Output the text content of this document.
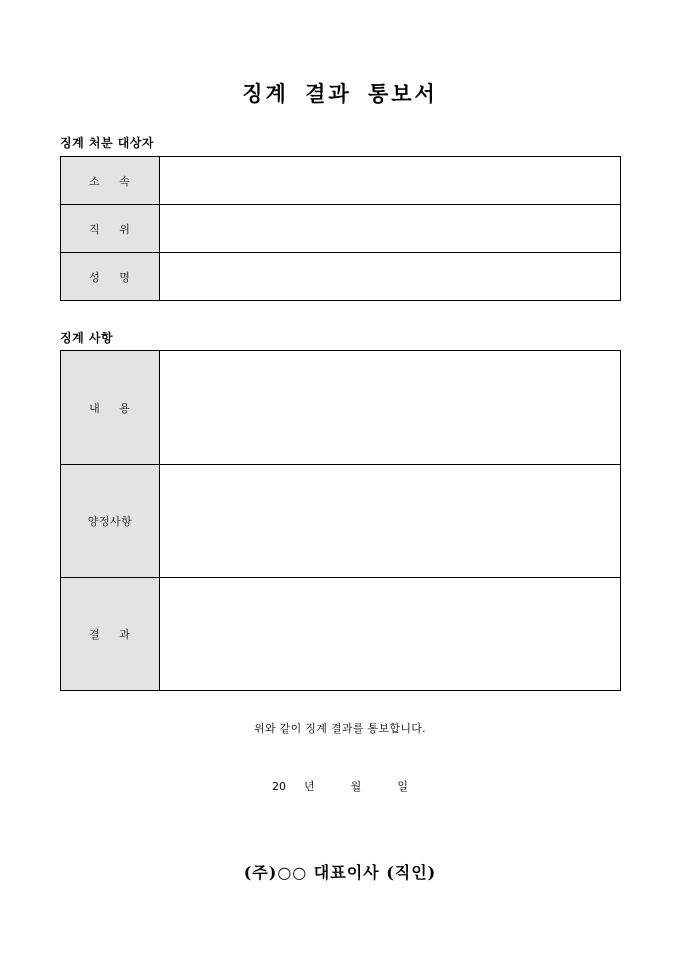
징계 결과 통보서
징계 처분 대상자
소 속	
직 위	
성 명	
징계 사항
내 용	
양정사항	
결 과	
위와 같이 징계 결과를 통보합니다.
20 년	월	일
(주)○○ 대표이사 (직인)
